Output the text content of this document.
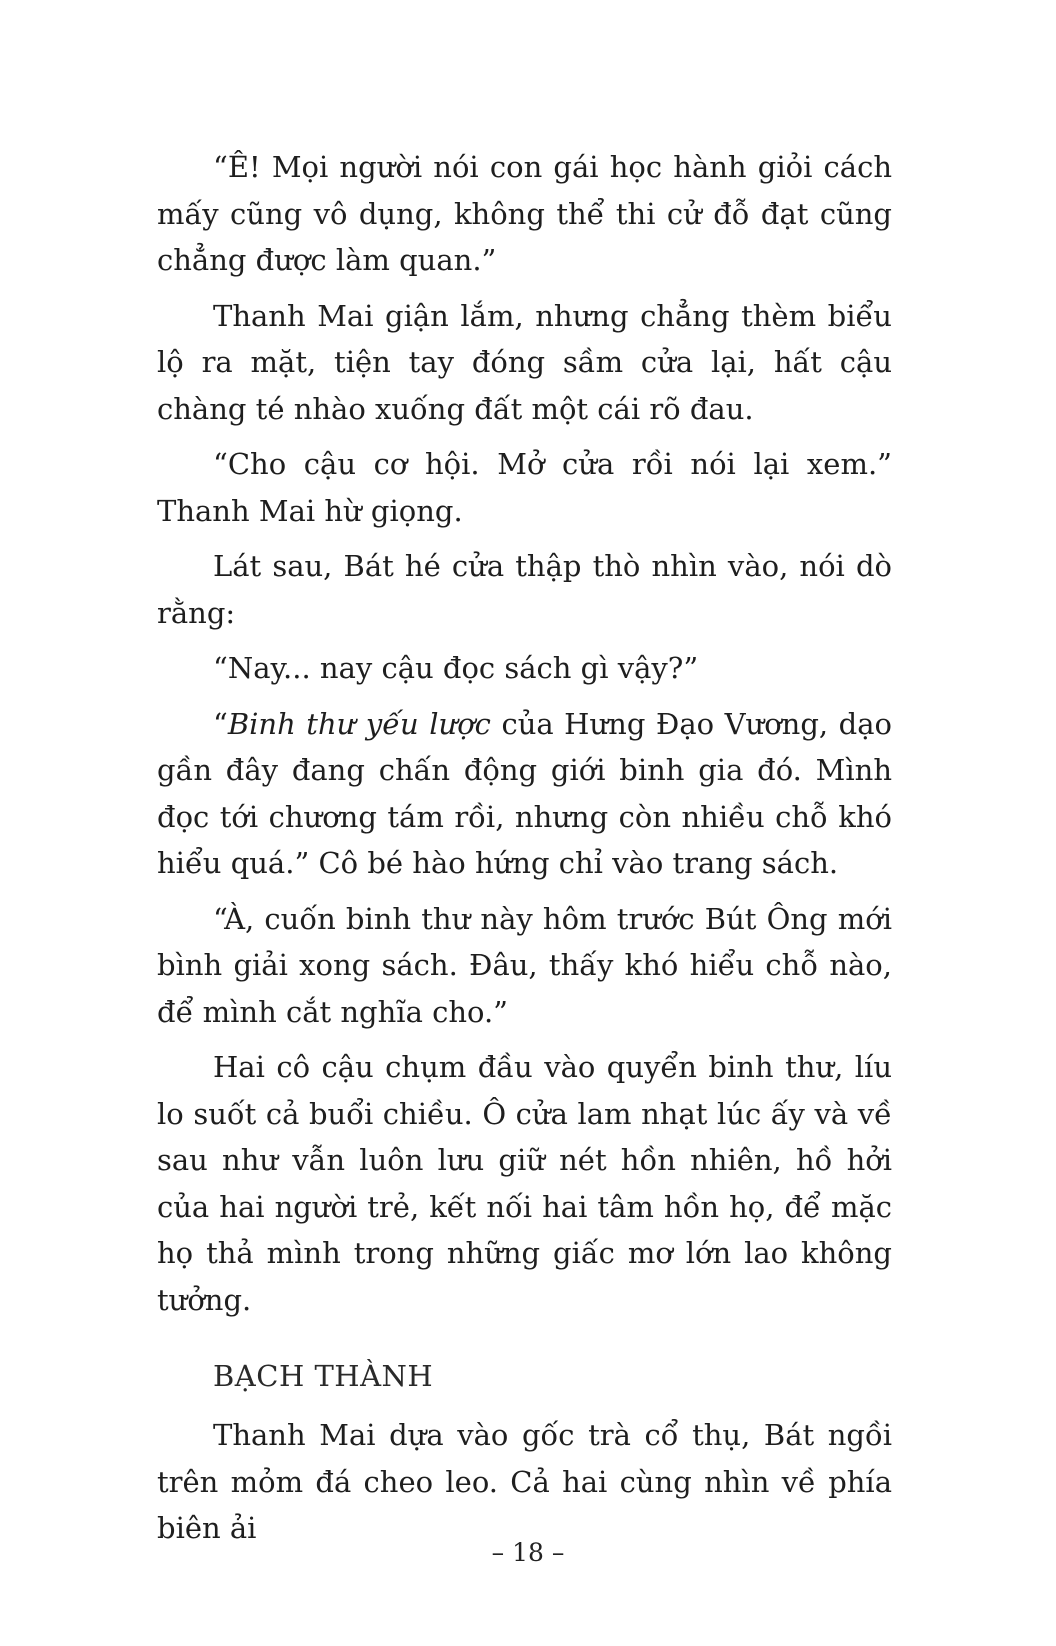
“Ê! Mọi người nói con gái học hành giỏi cách mấy cũng vô dụng, không thể thi cử đỗ đạt cũng chẳng được làm quan.”

Thanh Mai giận lắm, nhưng chẳng thèm biểu lộ ra mặt, tiện tay đóng sầm cửa lại, hất cậu chàng té nhào xuống đất một cái rõ đau.

“Cho cậu cơ hội. Mở cửa rồi nói lại xem.” Thanh Mai hừ giọng.

Lát sau, Bát hé cửa thập thò nhìn vào, nói dò rằng:

“Nay... nay cậu đọc sách gì vậy?”

“Binh thư yếu lược của Hưng Đạo Vương, dạo gần đây đang chấn động giới binh gia đó. Mình đọc tới chương tám rồi, nhưng còn nhiều chỗ khó hiểu quá.” Cô bé hào hứng chỉ vào trang sách.

“À, cuốn binh thư này hôm trước Bút Ông mới bình giải xong sách. Đâu, thấy khó hiểu chỗ nào, để mình cắt nghĩa cho.”

Hai cô cậu chụm đầu vào quyển binh thư, líu lo suốt cả buổi chiều. Ô cửa lam nhạt lúc ấy và về sau như vẫn luôn lưu giữ nét hồn nhiên, hồ hởi của hai người trẻ, kết nối hai tâm hồn họ, để mặc họ thả mình trong những giấc mơ lớn lao không tưởng.

BẠCH THÀNH

Thanh Mai dựa vào gốc trà cổ thụ, Bát ngồi trên mỏm đá cheo leo. Cả hai cùng nhìn về phía biên ải

– 18 –
